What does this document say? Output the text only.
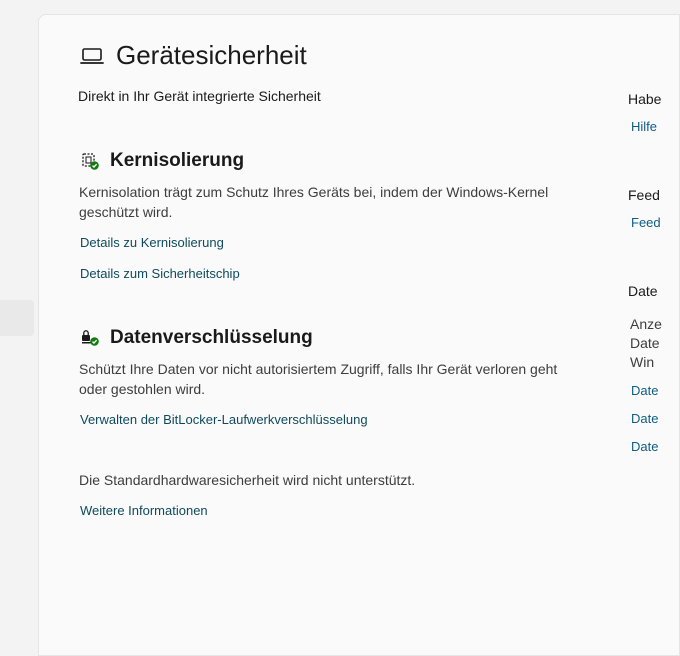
Gerätesicherheit
Direkt in Ihr Gerät integrierte Sicherheit
Kernisolierung
Kernisolation trägt zum Schutz Ihres Geräts bei, indem der Windows-Kernel geschützt wird.
Details zu Kernisolierung
Details zum Sicherheitschip
Datenverschlüsselung
Schützt Ihre Daten vor nicht autorisiertem Zugriff, falls Ihr Gerät verloren geht oder gestohlen wird.
Verwalten der BitLocker-Laufwerkverschlüsselung
Die Standardhardwaresicherheit wird nicht unterstützt.
Weitere Informationen
Habe
Hilfe
Feed
Feed
Date
Anze
Date
Win
Date
Date
Date
